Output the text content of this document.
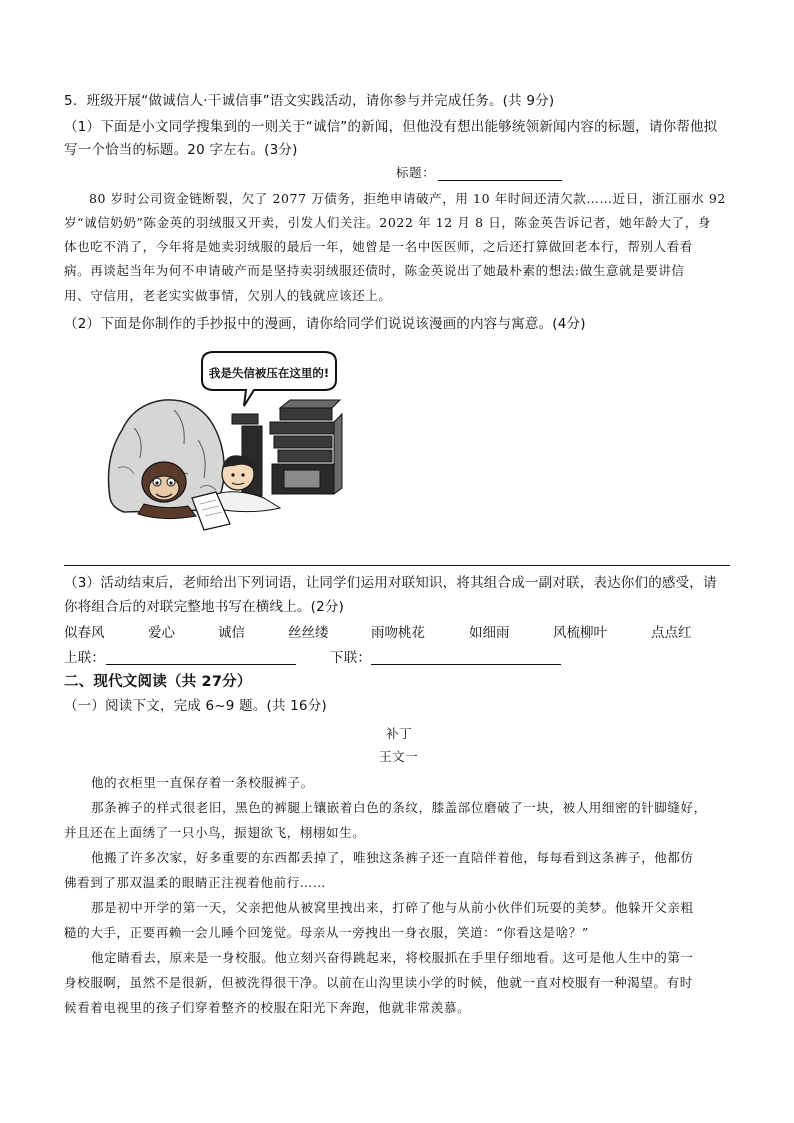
5．班级开展“做诚信人·干诚信事”语文实践活动，请你参与并完成任务。(共 9分)
（1）下面是小文同学搜集到的一则关于“诚信”的新闻，但他没有想出能够统领新闻内容的标题，请你帮他拟
写一个恰当的标题。20 字左右。(3分)
标题：
80 岁时公司资金链断裂，欠了 2077 万债务，拒绝申请破产，用 10 年时间还清欠款……近日，浙江丽水 92
岁“诚信奶奶”陈金英的羽绒服又开卖，引发人们关注。2022 年 12 月 8 日，陈金英告诉记者，她年龄大了，身
体也吃不消了，今年将是她卖羽绒服的最后一年，她曾是一名中医医师，之后还打算做回老本行，帮别人看看
病。再谈起当年为何不申请破产而是坚持卖羽绒服还债时，陈金英说出了她最朴素的想法:做生意就是要讲信
用、守信用，老老实实做事情，欠别人的钱就应该还上。
（2）下面是你制作的手抄报中的漫画，请你给同学们说说该漫画的内容与寓意。(4分)
我是失信被压在这里的!
（3）活动结束后，老师给出下列词语，让同学们运用对联知识，将其组合成一副对联，表达你们的感受，请
你将组合后的对联完整地书写在横线上。(2分)
似春风	爱心	诚信	丝丝缕	雨吻桃花	如细雨	风梳柳叶	点点红
上联：	下联：
二、现代文阅读（共 27分）
（一）阅读下文，完成 6~9 题。(共 16分)
补丁
王文一
他的衣柜里一直保存着一条校服裤子。
那条裤子的样式很老旧，黑色的裤腿上镶嵌着白色的条纹，膝盖部位磨破了一块，被人用细密的针脚缝好，
并且还在上面绣了一只小鸟，振翅欲飞，栩栩如生。
他搬了许多次家，好多重要的东西都丢掉了，唯独这条裤子还一直陪伴着他，每每看到这条裤子，他都仿
佛看到了那双温柔的眼睛正注视着他前行……
那是初中开学的第一天，父亲把他从被窝里拽出来，打碎了他与从前小伙伴们玩耍的美梦。他躲开父亲粗
糙的大手，正要再赖一会儿睡个回笼觉。母亲从一旁拽出一身衣服，笑道：“你看这是啥？”
他定睛看去，原来是一身校服。他立刻兴奋得跳起来，将校服抓在手里仔细地看。这可是他人生中的第一
身校服啊，虽然不是很新，但被洗得很干净。以前在山沟里读小学的时候，他就一直对校服有一种渴望。有时
候看着电视里的孩子们穿着整齐的校服在阳光下奔跑，他就非常羡慕。
